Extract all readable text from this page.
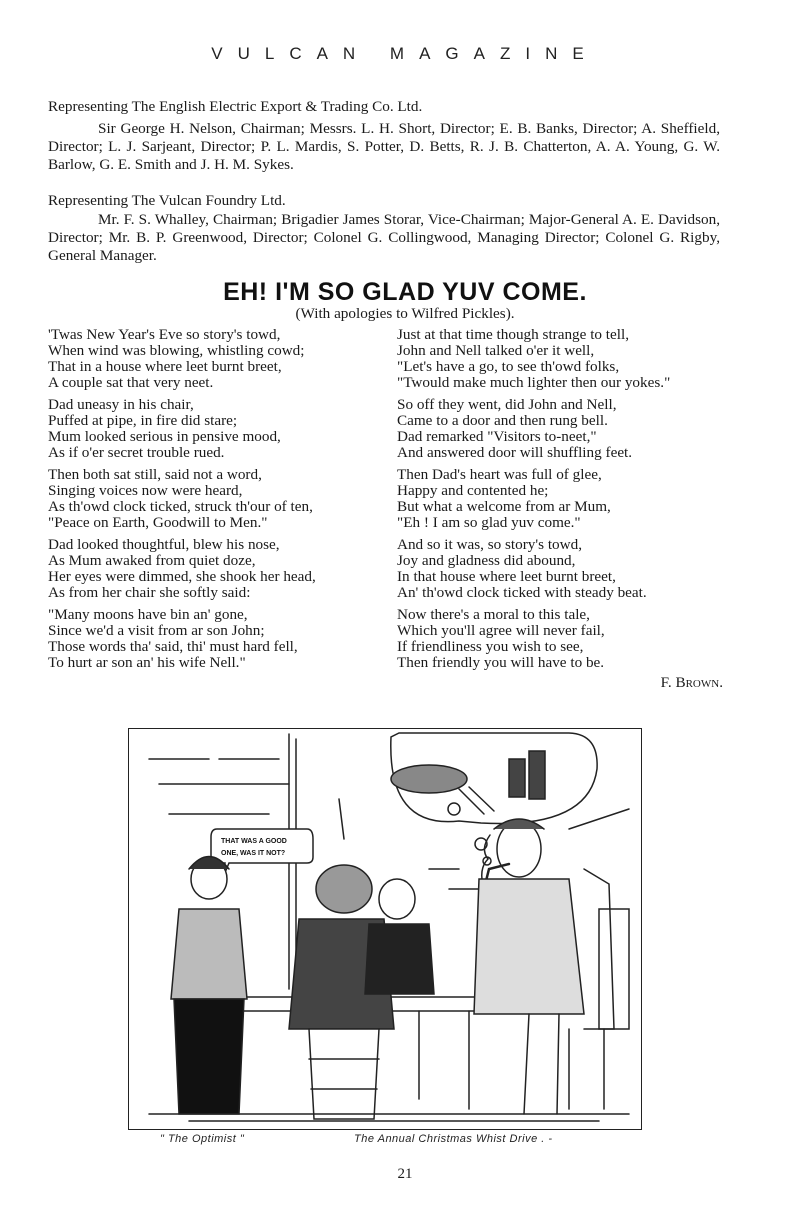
VULCAN MAGAZINE
Representing The English Electric Export & Trading Co. Ltd.
Sir George H. Nelson, Chairman; Messrs. L. H. Short, Director; E. B. Banks, Director; A. Sheffield, Director; L. J. Sarjeant, Director; P. L. Mardis, S. Potter, D. Betts, R. J. B. Chatterton, A. A. Young, G. W. Barlow, G. E. Smith and J. H. M. Sykes.
Representing The Vulcan Foundry Ltd.
Mr. F. S. Whalley, Chairman; Brigadier James Storar, Vice-Chairman; Major-General A. E. Davidson, Director; Mr. B. P. Greenwood, Director; Colonel G. Collingwood, Managing Director; Colonel G. Rigby, General Manager.
EH! I'M SO GLAD YUV COME.
(With apologies to Wilfred Pickles).
'Twas New Year's Eve so story's towd,
When wind was blowing, whistling cowd;
That in a house where leet burnt breet,
A couple sat that very neet.
Dad uneasy in his chair,
Puffed at pipe, in fire did stare;
Mum looked serious in pensive mood,
As if o'er secret trouble rued.
Then both sat still, said not a word,
Singing voices now were heard,
As th'owd clock ticked, struck th'our of ten,
"Peace on Earth, Goodwill to Men."
Dad looked thoughtful, blew his nose,
As Mum awaked from quiet doze,
Her eyes were dimmed, she shook her head,
As from her chair she softly said:
"Many moons have bin an' gone,
Since we'd a visit from ar son John;
Those words tha' said, thi' must hard fell,
To hurt ar son an' his wife Nell."
Just at that time though strange to tell,
John and Nell talked o'er it well,
"Let's have a go, to see th'owd folks,
"Twould make much lighter then our yokes."
So off they went, did John and Nell,
Came to a door and then rung bell.
Dad remarked "Visitors to-neet,"
And answered door will shuffling feet.
Then Dad's heart was full of glee,
Happy and contented he;
But what a welcome from ar Mum,
"Eh ! I am so glad yuv come."
And so it was, so story's towd,
Joy and gladness did abound,
In that house where leet burnt breet,
An' th'owd clock ticked with steady beat.
Now there's a moral to this tale,
Which you'll agree will never fail,
If friendliness you wish to see,
Then friendly you will have to be.
F. Brown.
THAT WAS A GOOD
ONE, WAS IT NOT?
" The Optimist "	The Annual Christmas Whist Drive . -
21
